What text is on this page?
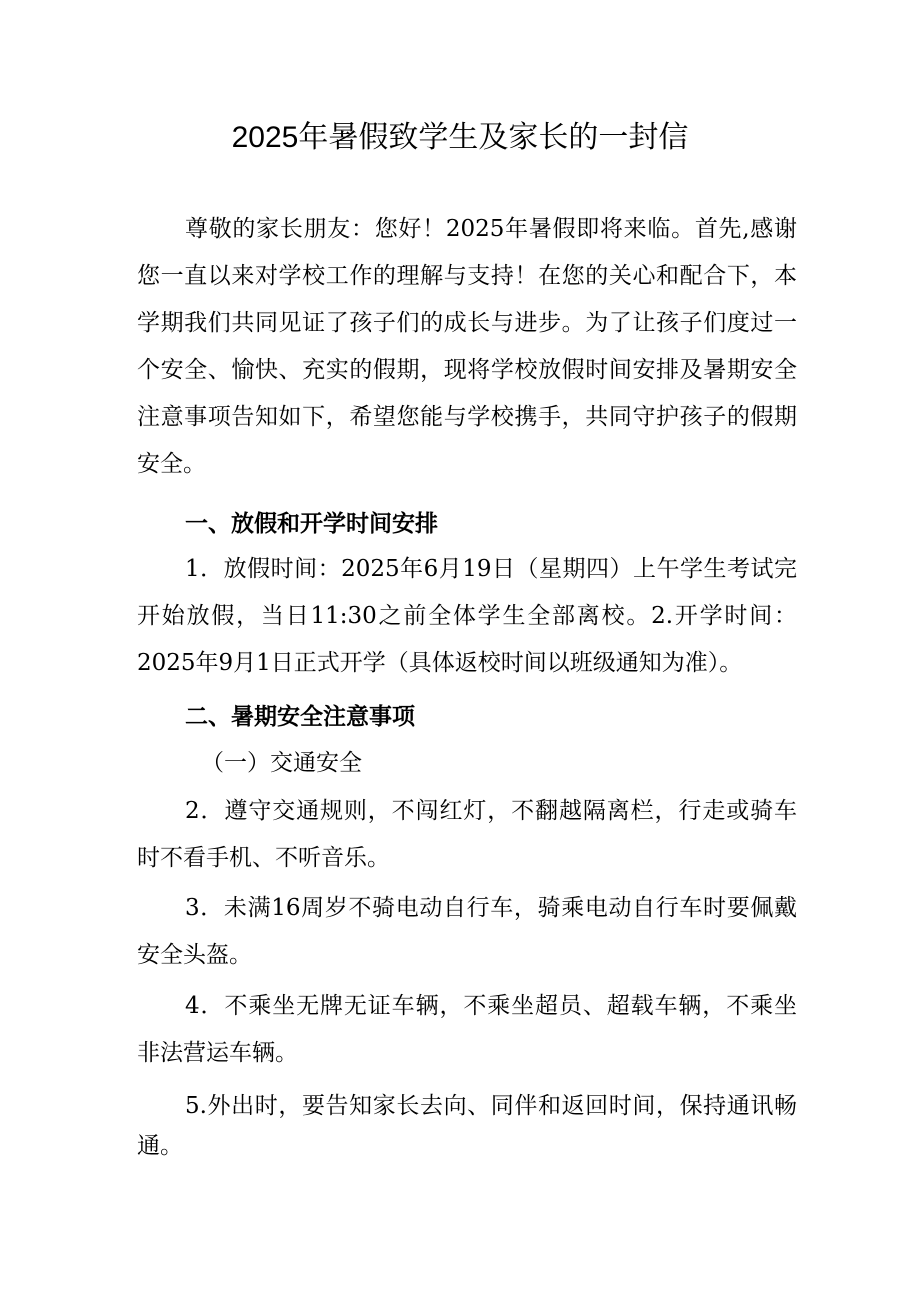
2025年暑假致学生及家长的一封信
尊敬的家长朋友：您好！2025年暑假即将来临。首先,感谢您一直以来对学校工作的理解与支持！在您的关心和配合下，本学期我们共同见证了孩子们的成长与进步。为了让孩子们度过一个安全、愉快、充实的假期，现将学校放假时间安排及暑期安全注意事项告知如下，希望您能与学校携手，共同守护孩子的假期安全。
一、放假和开学时间安排
1．放假时间：2025年6月19日（星期四）上午学生考试完开始放假，当日11:30之前全体学生全部离校。2.开学时间：2025年9月1日正式开学（具体返校时间以班级通知为准）。
二、暑期安全注意事项
（一）交通安全
2．遵守交通规则，不闯红灯，不翻越隔离栏，行走或骑车时不看手机、不听音乐。
3．未满16周岁不骑电动自行车，骑乘电动自行车时要佩戴安全头盔。
4．不乘坐无牌无证车辆，不乘坐超员、超载车辆，不乘坐非法营运车辆。
5.外出时，要告知家长去向、同伴和返回时间，保持通讯畅通。
